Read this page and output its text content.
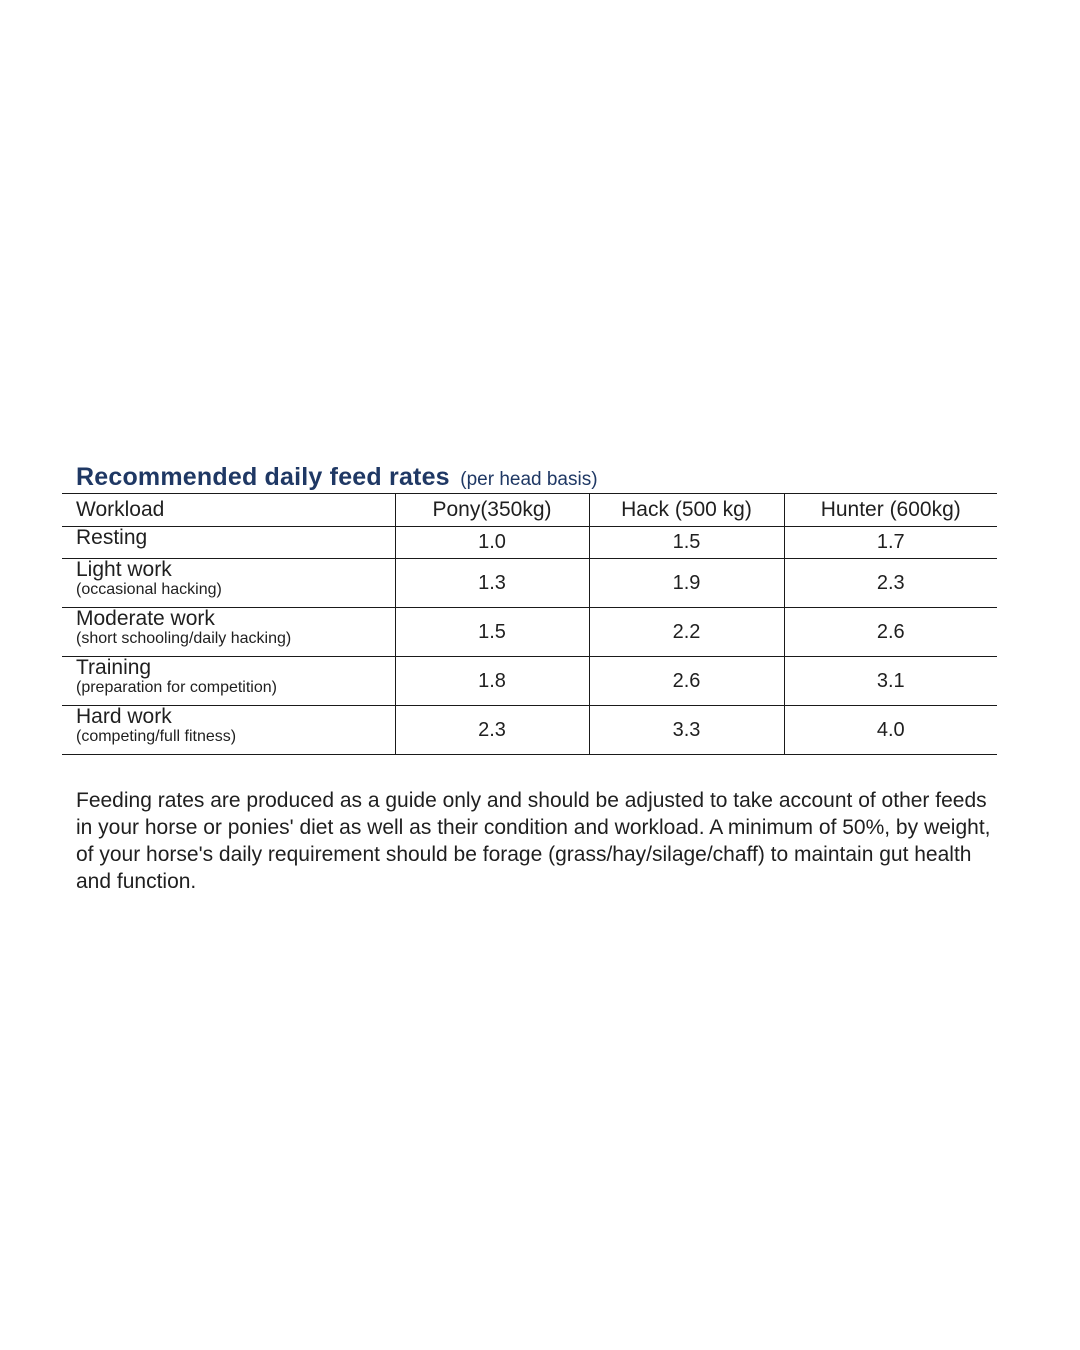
Recommended daily feed rates (per head basis)
Workload	Pony(350kg)	Hack (500 kg)	Hunter (600kg)

Resting	1.0	1.5	1.7

Light work
(occasional hacking)	1.3	1.9	2.3

Moderate work
(short schooling/daily hacking)	1.5	2.2	2.6

Training
(preparation for competition)	1.8	2.6	3.1

Hard work
(competing/full fitness)	2.3	3.3	4.0

Feeding rates are produced as a guide only and should be adjusted to take account of other feeds in your horse or ponies' diet as well as their condition and workload. A minimum of 50%, by weight, of your horse's daily requirement should be forage (grass/hay/silage/chaff) to maintain gut health and function.
